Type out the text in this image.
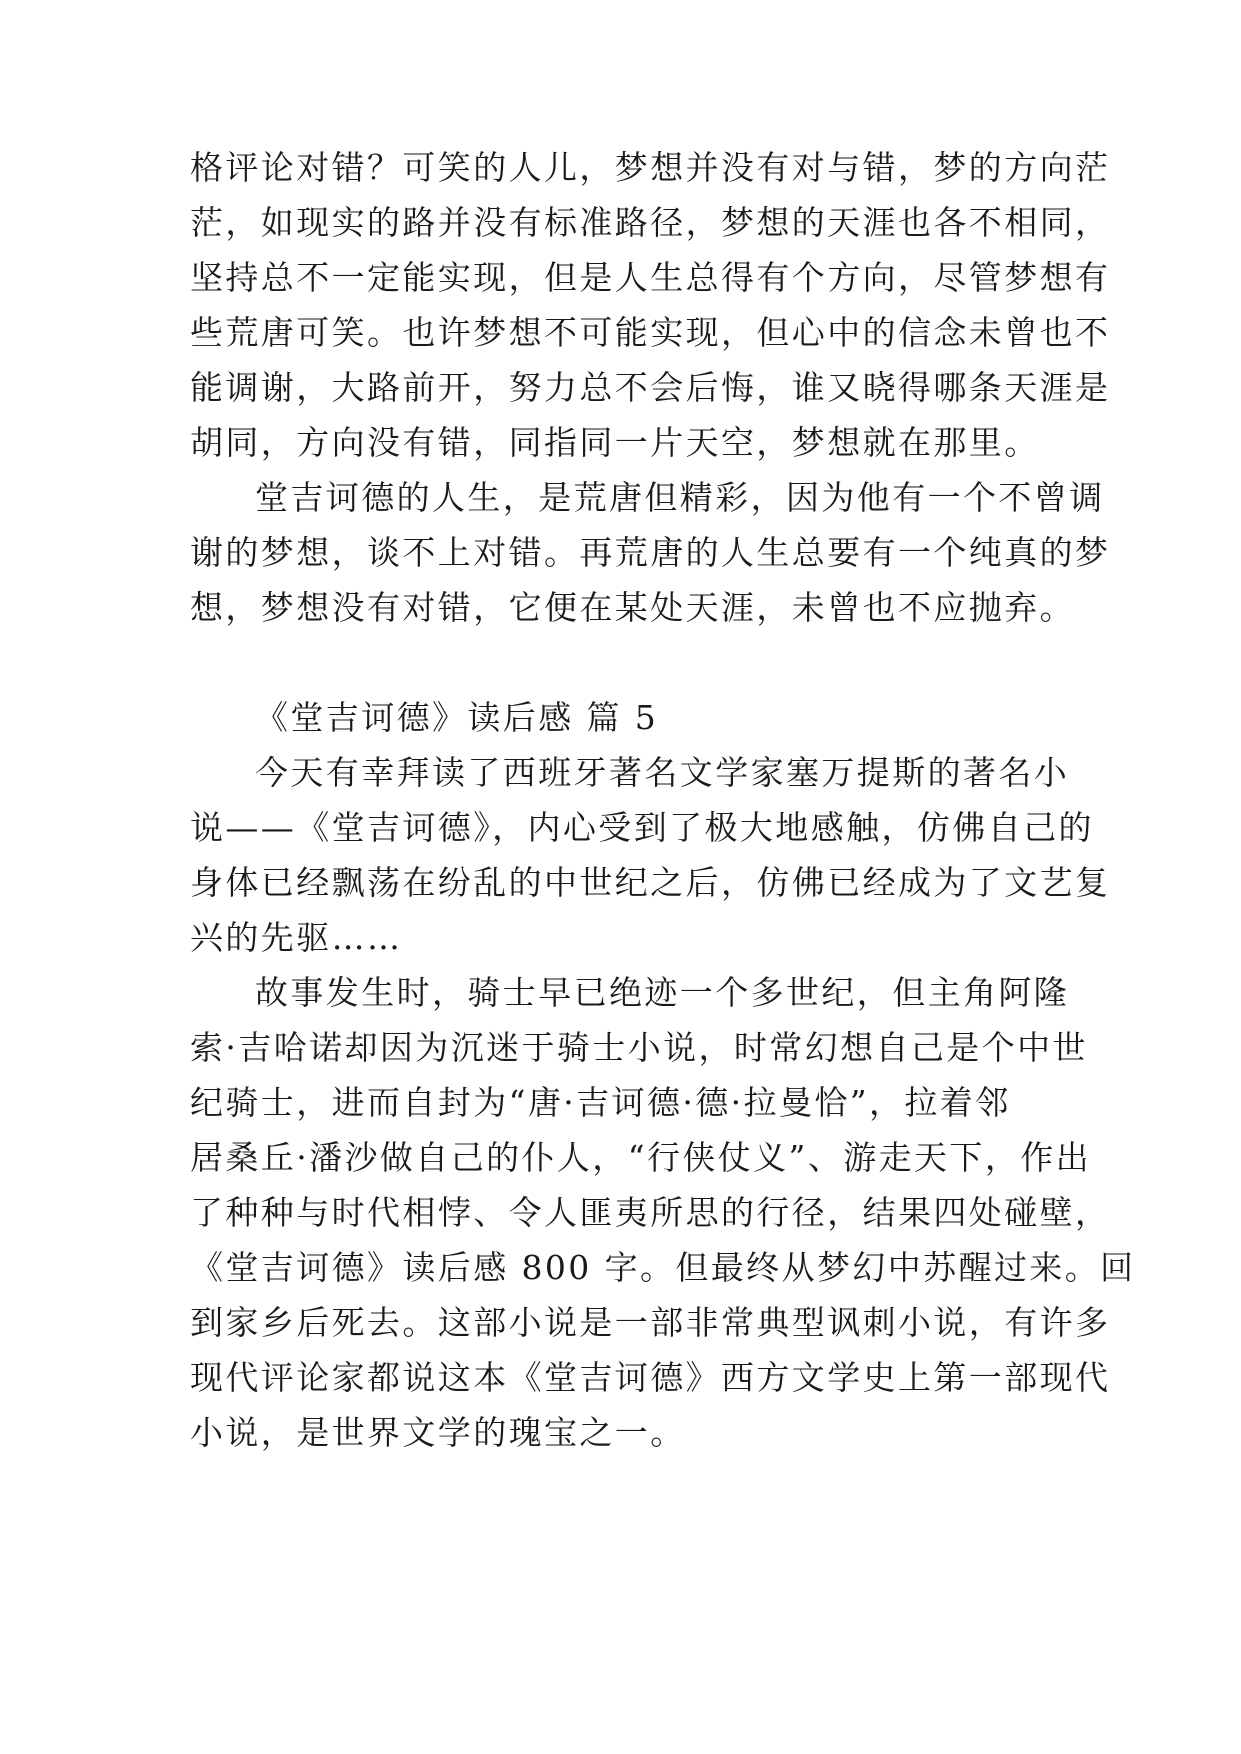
格评论对错？可笑的人儿，梦想并没有对与错，梦的方向茫
茫，如现实的路并没有标准路径，梦想的天涯也各不相同，
坚持总不一定能实现，但是人生总得有个方向，尽管梦想有
些荒唐可笑。也许梦想不可能实现，但心中的信念未曾也不
能调谢，大路前开，努力总不会后悔，谁又晓得哪条天涯是
胡同，方向没有错，同指同一片天空，梦想就在那里。
堂吉诃德的人生，是荒唐但精彩，因为他有一个不曾调
谢的梦想，谈不上对错。再荒唐的人生总要有一个纯真的梦
想，梦想没有对错，它便在某处天涯，未曾也不应抛弃。
《堂吉诃德》读后感 篇 5
今天有幸拜读了西班牙著名文学家塞万提斯的著名小
说——《堂吉诃德》，内心受到了极大地感触，仿佛自己的
身体已经飘荡在纷乱的中世纪之后，仿佛已经成为了文艺复
兴的先驱……
故事发生时，骑士早已绝迹一个多世纪，但主角阿隆
索·吉哈诺却因为沉迷于骑士小说，时常幻想自己是个中世
纪骑士，进而自封为“唐·吉诃德·德·拉曼恰”，拉着邻
居桑丘·潘沙做自己的仆人，“行侠仗义”、游走天下，作出
了种种与时代相悖、令人匪夷所思的行径，结果四处碰壁，
《堂吉诃德》读后感 800 字。但最终从梦幻中苏醒过来。回
到家乡后死去。这部小说是一部非常典型讽刺小说，有许多
现代评论家都说这本《堂吉诃德》西方文学史上第一部现代
小说，是世界文学的瑰宝之一。
